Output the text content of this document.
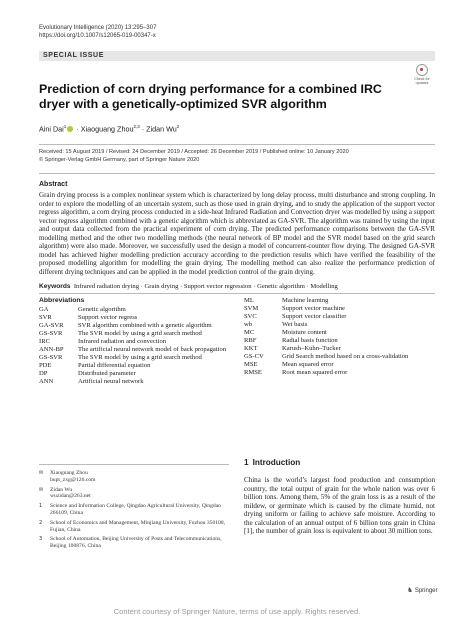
Evolutionary Intelligence (2020) 13:295–307
https://doi.org/10.1007/s12065-019-00347-x
SPECIAL ISSUE
Check for updates
Prediction of corn drying performance for a combined IRC dryer with a genetically-optimized SVR algorithm
Aini Dai$^1$ · Xiaoguang Zhou$^{2,3}$ · Zidan Wu$^2$
Received: 15 August 2019 / Revised: 24 December 2019 / Accepted: 26 December 2019 / Published online: 10 January 2020
© Springer-Verlag GmbH Germany, part of Springer Nature 2020
Abstract
Grain drying process is a complex nonlinear system which is characterized by long delay process, multi disturbance and strong coupling. In order to explore the modelling of an uncertain system, such as those used in grain drying, and to study the application of the support vector regress algorithm, a corn drying process conducted in a side-heat Infrared Radiation and Convection dryer was modelled by using a support vector regress algorithm combined with a genetic algorithm which is abbreviated as GA-SVR. The algorithm was trained by using the input and output data collected from the practical experiment of corn drying. The predicted performance comparisons between the GA-SVR modelling method and the other two modelling methods (the neural network of BP model and the SVR model based on the grid search algorithm) were also made. Moreover, we successfully used the design a model of concurrent-counter flow drying. The designed GA-SVR model has achieved higher modelling prediction accuracy according to the prediction results which have verified the feasibility of the proposed modelling algorithm for modelling the grain drying. The modelling method can also realize the performance prediction of different drying techniques and can be applied in the model prediction control of the grain drying.
Keywords Infrared radiation drying · Grain drying · Support vector regression · Genetic algorithm · Modelling
Abbreviations
GA	Genetic algorithm
SVR	Support vector regress
GA-SVR	SVR algorithm combined with a genetic algorithm
GS-SVR	The SVR model by using a grid search method
IRC	Infrared radiation and convection
ANN-BP	The artificial neural network model of back propagation
GS-SVR	The SVR model by using a grid search method
PDE	Partial differential equation
DP	Distributed parameter
ANN	Artificial neural network
ML	Machine learning
SVM	Support vector machine
SVC	Support vector classifier
wb	Wet basis
MC	Moisture content
RBF	Radial basis function
KKT	Karush–Kuhn–Tucker
GS-CV	Grid Search method based on a cross-validation
MSE	Mean squared error
RMSE	Root mean squared error
✉	Xiaoguang Zhou
bupt_zxg@126.com
✉	Zidan Wu
wuzidan@263.net
1	Science and Information College, Qingdao Agricultural University, Qingdao 266109, China
2	School of Economics and Management, Minjiang University, Fuzhou 350108, Fujian, China
3	School of Automation, Beijing University of Posts and Telecommunications, Beijing 100876, China
1 Introduction
China is the world’s largest food production and consumption country, the total output of grain for the whole nation was over 6 billion tons. Among them, 5% of the grain loss is as a result of the mildew, or germinate which is caused by the climate humid, not drying uniform or failing to achieve safe moisture. According to the calculation of an annual output of 6 billion tons grain in China [1], the number of grain loss is equivalent to about 30 million tons.
♞ Springer
Content courtesy of Springer Nature, terms of use apply. Rights reserved.
